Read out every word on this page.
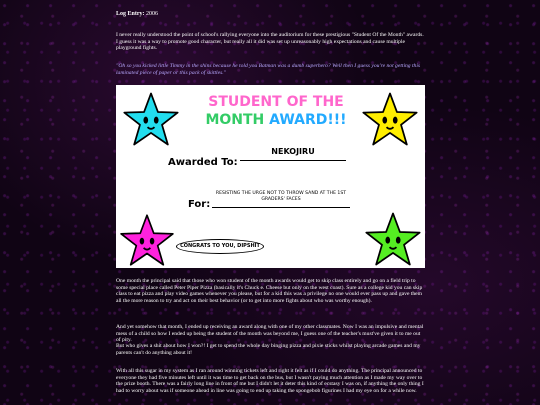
Log Entry: 2006
I never really understood the point of school's rallying everyone into the auditorium for these prestigious "Student Of the Month" awards. I guess it was a way to promote good character, but really all it did was set up unreasonably high expectations and cause multiple playground fights.
"Oh so you kicked little Timmy in the shins because he told you Batman was a dumb superhero? Well then I guess you're not getting this laminated piece of paper or this pack of skittles."
STUDENT OF THE
MONTH AWARD!!!
NEKOJIRU
Awarded To:
RESISTING THE URGE NOT TO THROW SAND AT THE 1ST GRADERS' FACES
For:
CONGRATS TO YOU, DIPSHIT
One month the principal said that those who won student of the month awards would get to skip class entirely and go on a field trip to some special place called Peter Piper Pizza (basically it's Chuck e. Cheese but only on the west coast). Sure as a college kid you can skip class to eat pizza and play video games whenever you please, but for a kid this was a privilege no one would ever pass up and gave them all the more reason to try and act on their best behavior (or to get into more fights about who was worthy enough).
And yet somehow that month, I ended up receiving an award along with one of my other classmates. Now I was an impulsive and mental mess of a child so how I ended up being the student of the month was beyond me, I guess one of the teacher's must've given it to me out of pity.
But who gives a shit about how I won?! I get to spend the whole day binging pizza and pixie sticks whilst playing arcade games and my parents can't do anything about it!
With all this sugar in my system as I ran around winning tickets left and right it felt as if I could do anything. The principal announced to everyone they had five minutes left until it was time to get back on the bus, but I wasn't paying much attention as I made my way over to the prize booth. There was a fairly long line in front of me but I didn't let it deter this kind of ecstasy I was on, if anything the only thing I had to worry about was if someone ahead in line was going to end up taking the spongebob figurines I had my eye on for a while now.
